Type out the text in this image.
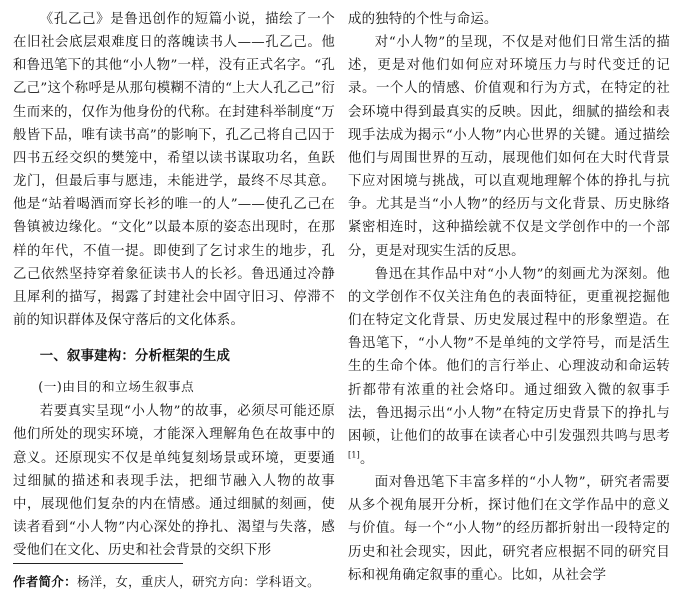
《孔乙己》是鲁迅创作的短篇小说，描绘了一个在旧社会底层艰难度日的落魄读书人——孔乙己。他和鲁迅笔下的其他“小人物”一样，没有正式名字。“孔乙己”这个称呼是从那句模糊不清的“上大人孔乙己”衍生而来的，仅作为他身份的代称。在封建科举制度“万般皆下品，唯有读书高”的影响下，孔乙己将自己囚于四书五经交织的樊笼中，希望以读书谋取功名，鱼跃龙门，但最后事与愿违，未能进学，最终不尽其意。他是“站着喝酒而穿长衫的唯一的人”——使孔乙己在鲁镇被边缘化。“文化”以最本原的姿态出现时，在那样的年代，不值一提。即使到了乞讨求生的地步，孔乙己依然坚持穿着象征读书人的长衫。鲁迅通过冷静且犀利的描写，揭露了封建社会中固守旧习、停滞不前的知识群体及保守落后的文化体系。

一、叙事建构：分析框架的生成
(一)由目的和立场生叙事点

若要真实呈现“小人物”的故事，必须尽可能还原他们所处的现实环境，才能深入理解角色在故事中的意义。还原现实不仅是单纯复刻场景或环境，更要通过细腻的描述和表现手法，把细节融入人物的故事中，展现他们复杂的内在情感。通过细腻的刻画，使读者看到“小人物”内心深处的挣扎、渴望与失落，感受他们在文化、历史和社会背景的交织下形

成的独特的个性与命运。

对“小人物”的呈现，不仅是对他们日常生活的描述，更是对他们如何应对环境压力与时代变迁的记录。一个人的情感、价值观和行为方式，在特定的社会环境中得到最真实的反映。因此，细腻的描绘和表现手法成为揭示“小人物”内心世界的关键。通过描绘他们与周围世界的互动，展现他们如何在大时代背景下应对困境与挑战，可以直观地理解个体的挣扎与抗争。尤其是当“小人物”的经历与文化背景、历史脉络紧密相连时，这种描绘就不仅是文学创作中的一个部分，更是对现实生活的反思。

鲁迅在其作品中对“小人物”的刻画尤为深刻。他的文学创作不仅关注角色的表面特征，更重视挖掘他们在特定文化背景、历史发展过程中的形象塑造。在鲁迅笔下，“小人物”不是单纯的文学符号，而是活生生的生命个体。他们的言行举止、心理波动和命运转折都带有浓重的社会烙印。通过细致入微的叙事手法，鲁迅揭示出“小人物”在特定历史背景下的挣扎与困顿，让他们的故事在读者心中引发强烈共鸣与思考[1]。

面对鲁迅笔下丰富多样的“小人物”，研究者需要从多个视角展开分析，探讨他们在文学作品中的意义与价值。每一个“小人物”的经历都折射出一段特定的历史和社会现实，因此，研究者应根据不同的研究目标和视角确定叙事的重心。比如，从社会学

作者简介：杨洋，女，重庆人，研究方向：学科语文。
